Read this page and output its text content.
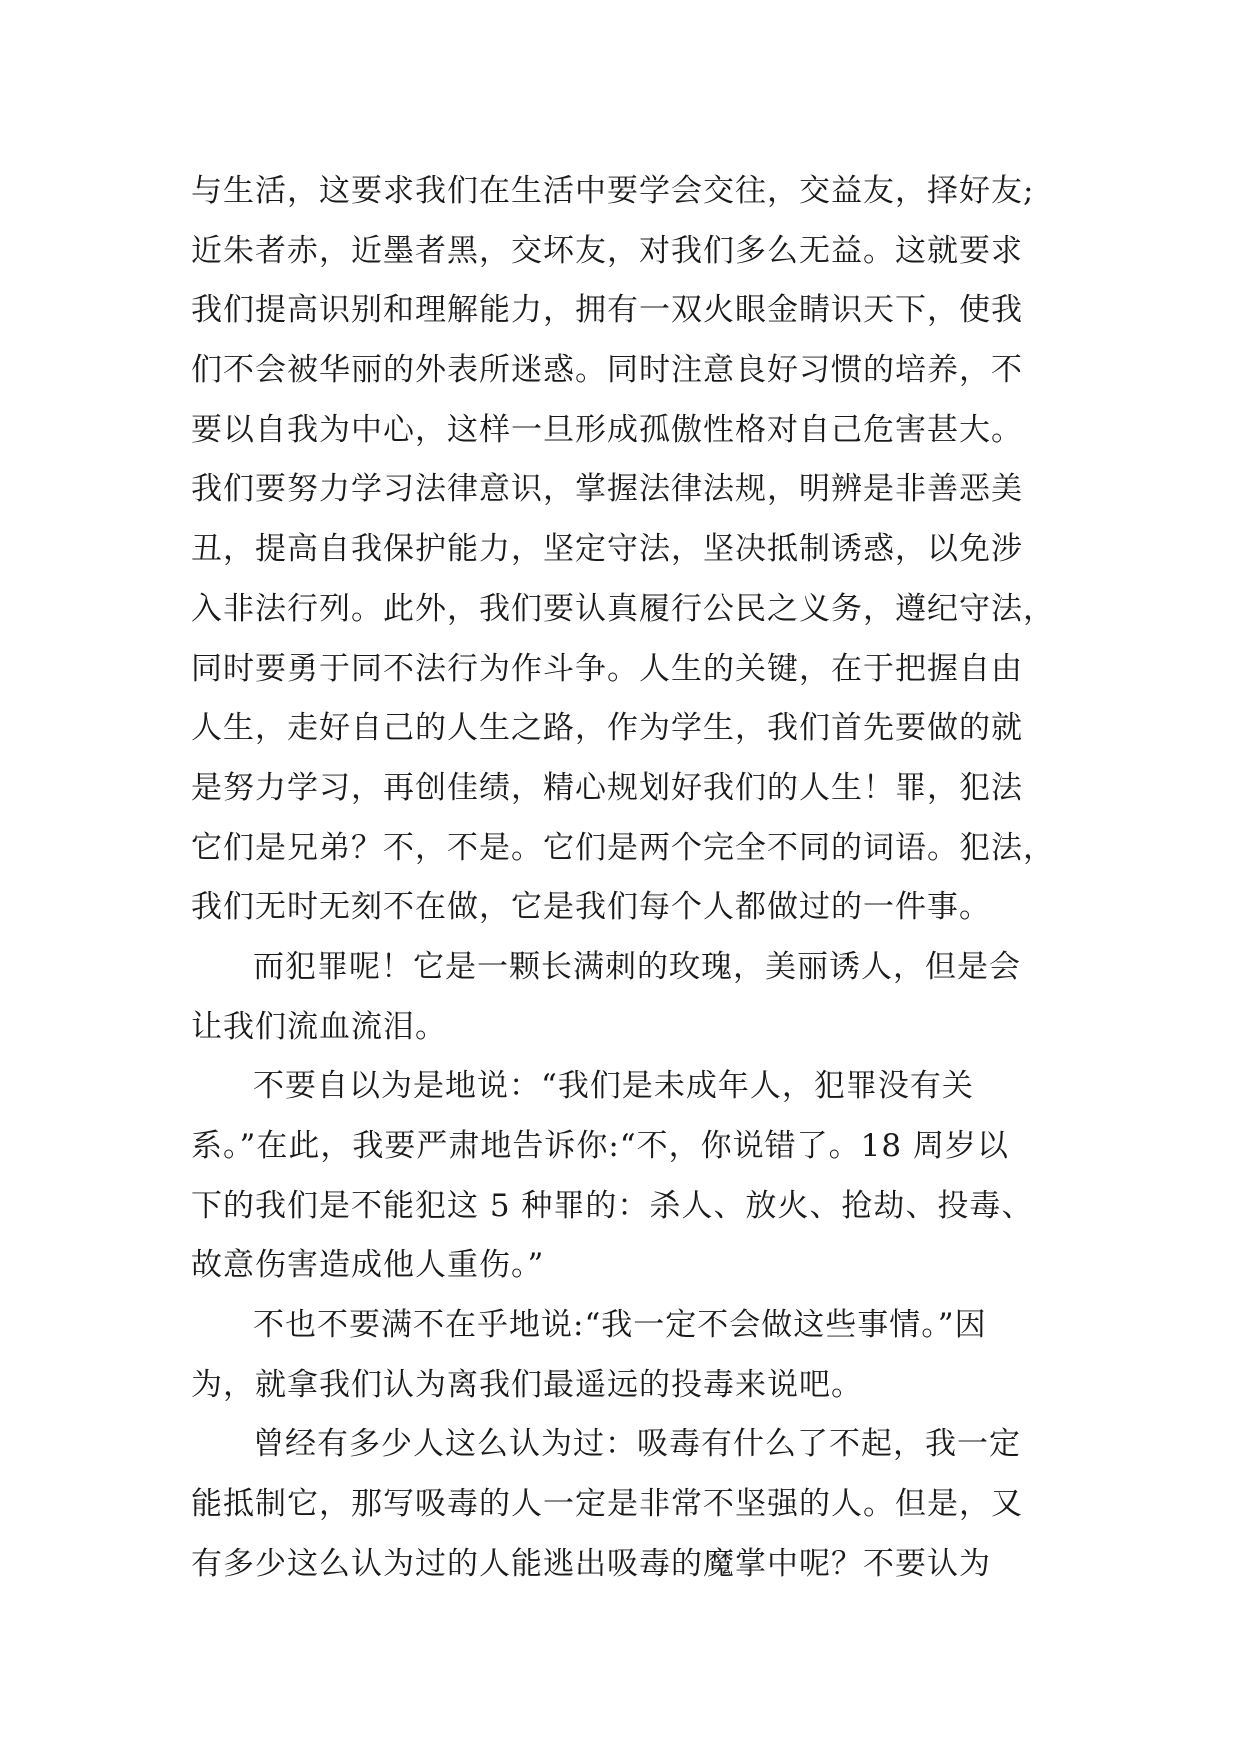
与生活，这要求我们在生活中要学会交往，交益友，择好友;
近朱者赤，近墨者黑，交坏友，对我们多么无益。这就要求
我们提高识别和理解能力，拥有一双火眼金睛识天下，使我
们不会被华丽的外表所迷惑。同时注意良好习惯的培养，不
要以自我为中心，这样一旦形成孤傲性格对自己危害甚大。
我们要努力学习法律意识，掌握法律法规，明辨是非善恶美
丑，提高自我保护能力，坚定守法，坚决抵制诱惑，以免涉
入非法行列。此外，我们要认真履行公民之义务，遵纪守法，
同时要勇于同不法行为作斗争。人生的关键，在于把握自由
人生，走好自己的人生之路，作为学生，我们首先要做的就
是努力学习，再创佳绩，精心规划好我们的人生！罪，犯法
它们是兄弟？不，不是。它们是两个完全不同的词语。犯法，
我们无时无刻不在做，它是我们每个人都做过的一件事。
而犯罪呢！它是一颗长满刺的玫瑰，美丽诱人，但是会
让我们流血流泪。
不要自以为是地说：“我们是未成年人，犯罪没有关
系。”在此，我要严肃地告诉你:“不，你说错了。18 周岁以
下的我们是不能犯这 5 种罪的：杀人、放火、抢劫、投毒、
故意伤害造成他人重伤。”
不也不要满不在乎地说:“我一定不会做这些事情。”因
为，就拿我们认为离我们最遥远的投毒来说吧。
曾经有多少人这么认为过：吸毒有什么了不起，我一定
能抵制它，那写吸毒的人一定是非常不坚强的人。但是，又
有多少这么认为过的人能逃出吸毒的魔掌中呢？不要认为
